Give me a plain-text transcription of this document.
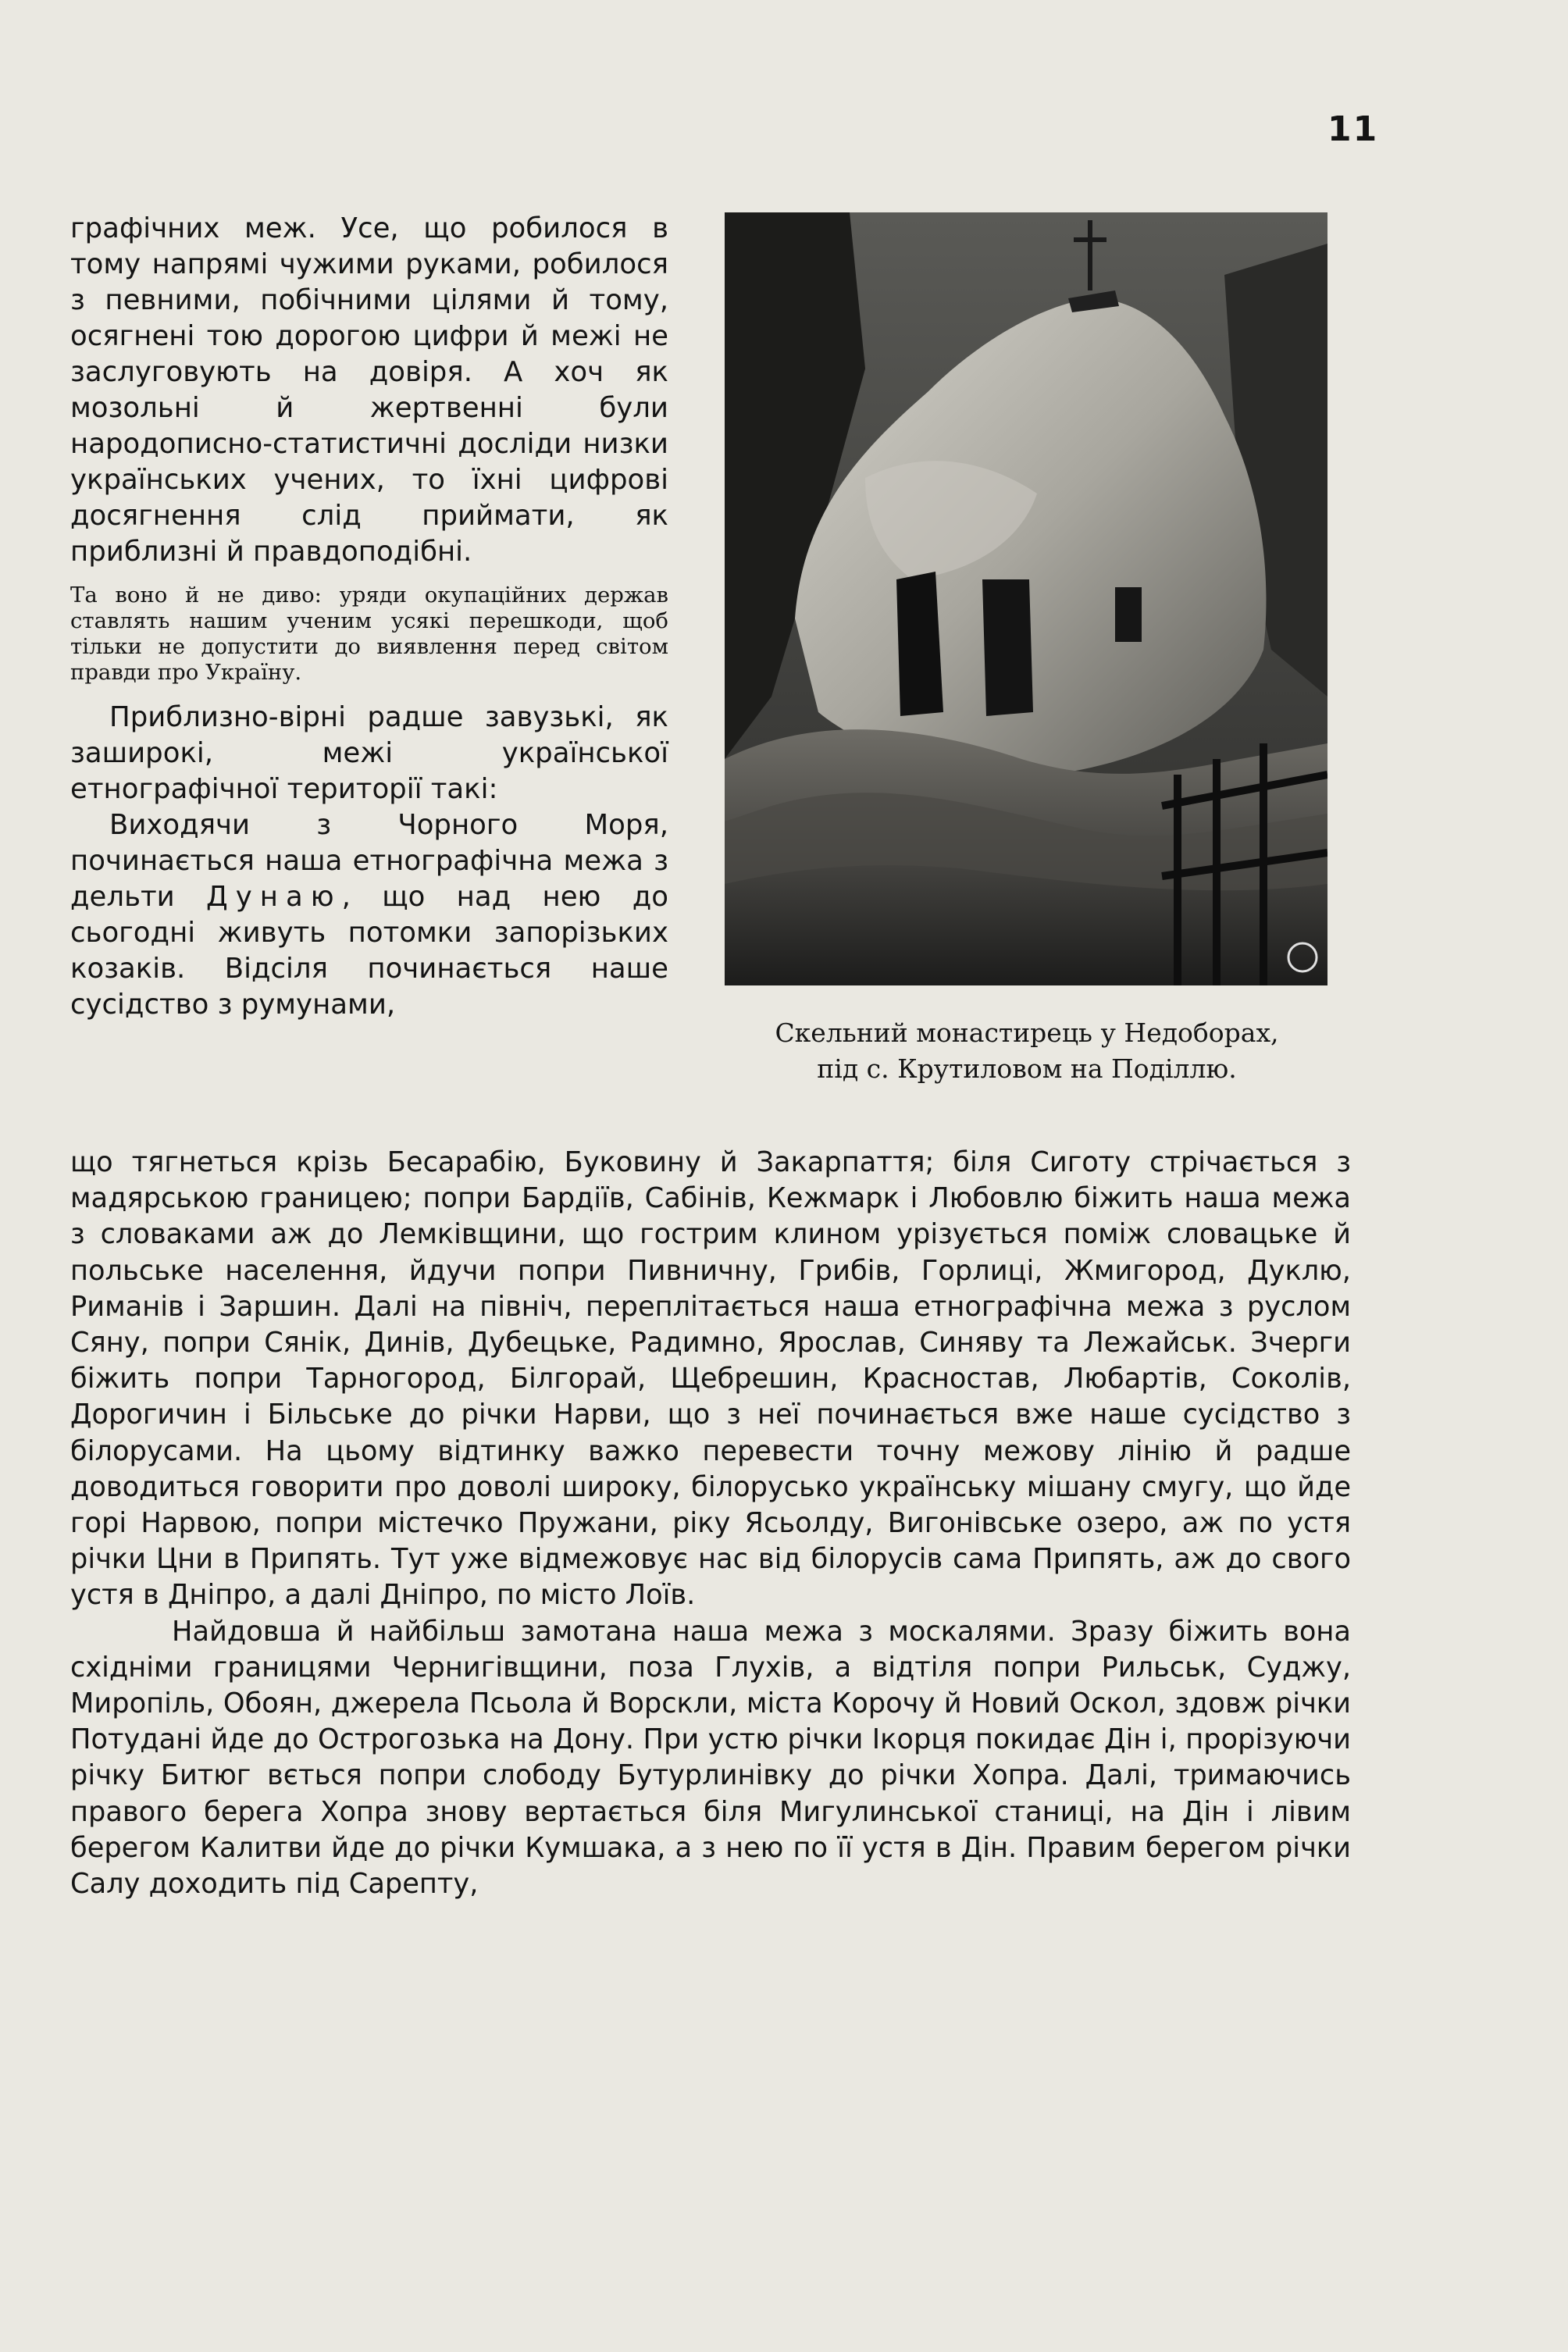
11

графічних меж. Усе, що робилося в тому напрямі чужими руками, робилося з певними, побічними цілями й тому, осягнені тою дорогою цифри й межі не заслуговують на довіря. А хоч як мозольні й жертвенні були народописно-статистичні досліди низки українських учених, то їхні цифрові досягнення слід приймати, як приблизні й правдоподібні.

Та воно й не диво: уряди окупаційних держав ставлять нашим ученим усякі перешкоди, щоб тільки не допустити до виявлення перед світом правди про Україну.

Приблизно-вірні радше завузькі, як заширокі, межі української етнографічної території такі:

Виходячи з Чорного Моря, починається наша етнографічна межа з дельти Дунаю, що над нею до сьогодні живуть потомки запорізьких козаків. Відсіля починається наше сусідство з румунами,

Скельний монастирець у Недоборах,
під с. Крутиловом на Поділлю.

що тягнеться крізь Бесарабію, Буковину й Закарпаття; біля Сиготу стрічається з мадярською границею; попри Бардіїв, Сабінів, Кежмарк і Любовлю біжить наша межа з словаками аж до Лемківщини, що гострим клином урізується поміж словацьке й польське населення, йдучи попри Пивничну, Грибів, Горлиці, Жмигород, Дуклю, Риманів і Заршин. Далі на північ, переплітається наша етнографічна межа з руслом Сяну, попри Сянік, Динів, Дубецьке, Радимно, Ярослав, Синяву та Лежайськ. Зчерги біжить попри Тарногород, Білгорай, Щебрешин, Красностав, Любартів, Соколів, Дорогичин і Більське до річки Нарви, що з неї починається вже наше сусідство з білорусами. На цьому відтинку важко перевести точну межову лінію й радше доводиться говорити про доволі широку, білорусько українську мішану смугу, що йде горі Нарвою, попри містечко Пружани, ріку Ясьолду, Вигонівське озеро, аж по устя річки Цни в Припять. Тут уже відмежовує нас від білорусів сама Припять, аж до свого устя в Дніпро, а далі Дніпро, по місто Лоїв.

Найдовша й найбільш замотана наша межа з москалями. Зразу біжить вона східніми границями Чернигівщини, поза Глухів, а відтіля попри Рильськ, Суджу, Миропіль, Обоян, джерела Псьола й Ворскли, міста Корочу й Новий Оскол, здовж річки Потудані йде до Острогозька на Дону. При устю річки Ікорця покидає Дін і, прорізуючи річку Битюг вється попри слободу Бутурлинівку до річки Хопра. Далі, тримаючись правого берега Хопра знову вертається біля Мигулинської станиці, на Дін і лівим берегом Калитви йде до річки Кумшака, а з нею по її устя в Дін. Правим берегом річки Салу доходить під Сарепту,
